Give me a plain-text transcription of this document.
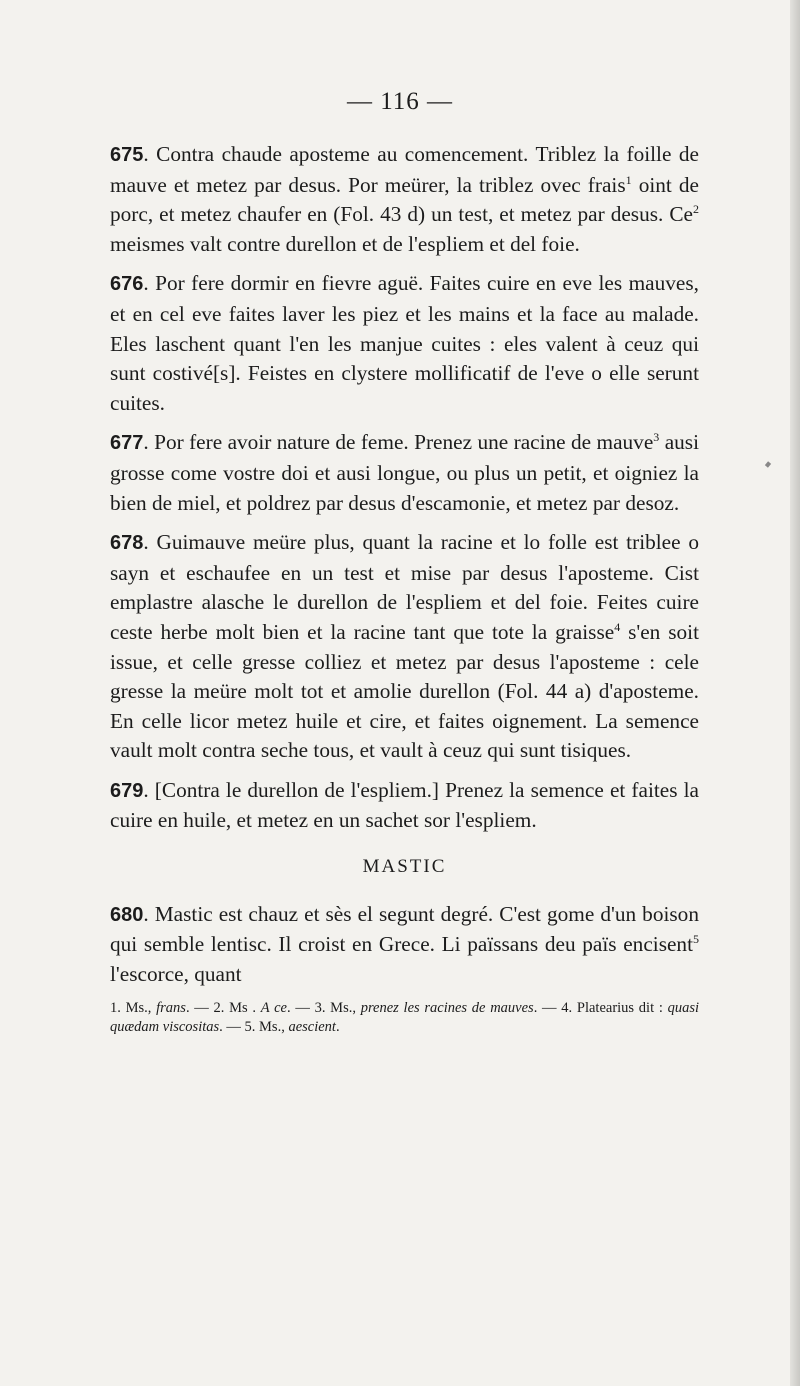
— 116 —
675. Contra chaude aposteme au comencement. Triblez la foille de mauve et metez par desus. Por meürer, la triblez ovec frais$^1$ oint de porc, et metez chaufer en (Fol. 43 d) un test, et metez par desus. Ce$^2$ meismes valt contre durellon et de l'espliem et del foie.
676. Por fere dormir en fievre aguë. Faites cuire en eve les mauves, et en cel eve faites laver les piez et les mains et la face au malade. Eles laschent quant l'en les manjue cuites : eles valent à ceuz qui sunt costivé[s]. Feistes en clystere mollificatif de l'eve o elle serunt cuites.
677. Por fere avoir nature de feme. Prenez une racine de mauve$^3$ ausi grosse come vostre doi et ausi longue, ou plus un petit, et oigniez la bien de miel, et poldrez par desus d'escamonie, et metez par desoz.
678. Guimauve meüre plus, quant la racine et lo folle est triblee o sayn et eschaufee en un test et mise par desus l'aposteme. Cist emplastre alasche le durellon de l'espliem et del foie. Feites cuire ceste herbe molt bien et la racine tant que tote la graisse$^4$ s'en soit issue, et celle gresse colliez et metez par desus l'aposteme : cele gresse la meüre molt tot et amolie durellon (Fol. 44 a) d'aposteme. En celle licor metez huile et cire, et faites oignement. La semence vault molt contra seche tous, et vault à ceuz qui sunt tisiques.
679. [Contra le durellon de l'espliem.] Prenez la semence et faites la cuire en huile, et metez en un sachet sor l'espliem.
MASTIC
680. Mastic est chauz et sès el segunt degré. C'est gome d'un boison qui semble lentisc. Il croist en Grece. Li païssans deu païs encisent$^5$ l'escorce, quant
1. Ms., frans. — 2. Ms . A ce. — 3. Ms., prenez les racines de mauves. — 4. Platearius dit : quasi quædam viscositas. — 5. Ms., aescient.
